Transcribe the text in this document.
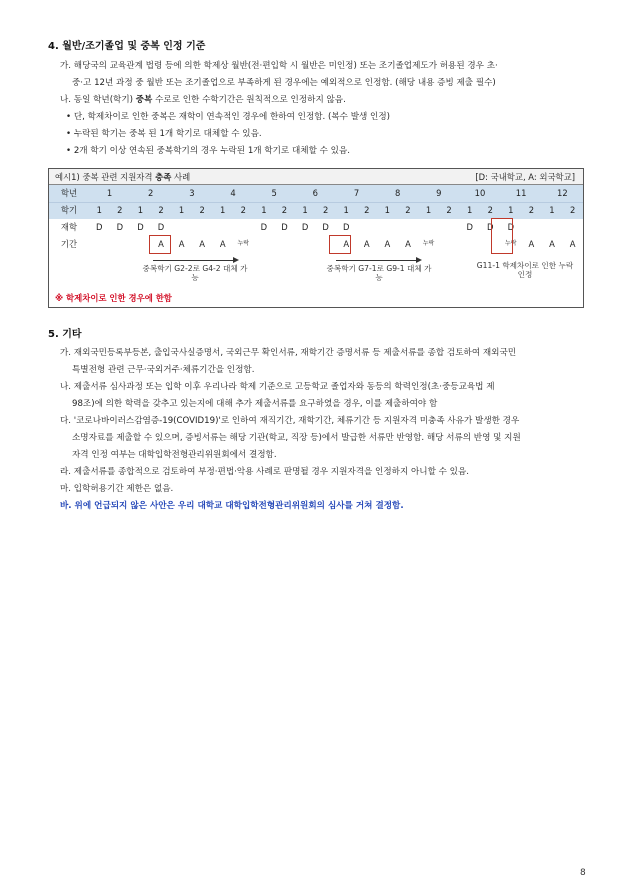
4. 월반/조기졸업 및 중복 인정 기준
가. 해당국의 교육관계 법령 등에 의한 학제상 월반(전·편입학 시 월반은 미인정) 또는 조기졸업제도가 허용된 경우 초·
중·고 12년 과정 중 월반 또는 조기졸업으로 부족하게 된 경우에는 예외적으로 인정함. (해당 내용 증빙 제출 필수)
나. 동일 학년(학기) 중복 수로로 인한 수학기간은 원칙적으로 인정하지 않음.
• 단, 학제차이로 인한 중복은 재학이 연속적인 경우에 한하여 인정함. (복수 발생 인정)
• 누락된 학기는 중복 된 1개 학기로 대체할 수 있음.
• 2개 학기 이상 연속된 중복학기의 경우 누락된 1개 학기로 대체할 수 있음.
예시1) 중복 관련 지원자격 충족 사례	[D: 국내학교, A: 외국학교]
학년	1		2		3		4		5		6		7		8		9		10		11		12	
학기	1	2	1	2	1	2	1	2	1	2	1	2	1	2	1	2	1	2	1	2	1	2	1	2
재학	D	D	D	D					D	D	D	D	D						D	D	D			
기간				A	A	A	A	누락					A	A	A	A	누락				누락	A	A	A
중복학기 G2-2로 G4-2 대체 가능
중복학기 G7-1로 G9-1 대체 가능
G11-1 학제차이로 인한 누락 인정
※ 학제차이로 인한 경우에 한함
5. 기타
가. 재외국민등록부등본, 출입국사실증명서, 국외근무 확인서류, 재학기간 증명서류 등 제출서류를 종합 검토하여 재외국민
특별전형 관련 근무·국외거주·체류기간을 인정함.
나. 제출서류 심사과정 또는 입학 이후 우리나라 학제 기준으로 고등학교 졸업자와 동등의 학력인정(초·중등교육법 제
98조)에 의한 학력을 갖추고 있는지에 대해 추가 제출서류를 요구하였을 경우, 이를 제출하여야 함
다. '코로나바이러스감염증-19(COVID19)'로 인하여 재직기간, 재학기간, 체류기간 등 지원자격 미충족 사유가 발생한 경우
소명자료를 제출할 수 있으며, 증빙서류는 해당 기관(학교, 직장 등)에서 발급한 서류만 반영함. 해당 서류의 반영 및 지원
자격 인정 여부는 대학입학전형관리위원회에서 결정함.
라. 제출서류를 종합적으로 검토하여 부정·편법·악용 사례로 판명될 경우 지원자격을 인정하지 아니할 수 있음.
마. 입학허용기간 제한은 없음.
바. 위에 언급되지 않은 사안은 우리 대학교 대학입학전형관리위원회의 심사를 거쳐 결정함.
8
